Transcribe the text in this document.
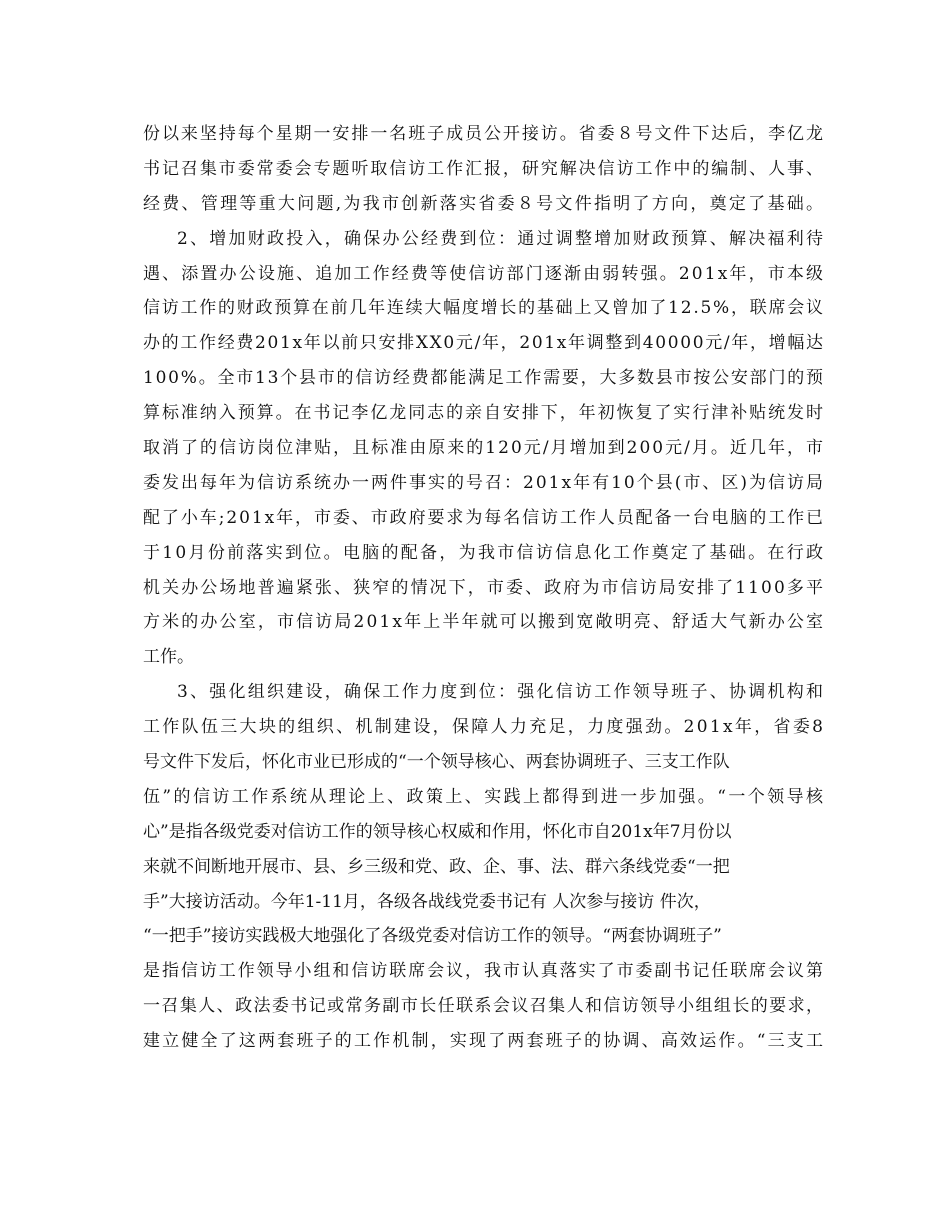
份以来坚持每个星期一安排一名班子成员公开接访。省委８号文件下达后，李亿龙
书记召集市委常委会专题听取信访工作汇报，研究解决信访工作中的编制、人事、
经费、管理等重大问题,为我市创新落实省委８号文件指明了方向，奠定了基础。
2、增加财政投入，确保办公经费到位：通过调整增加财政预算、解决福利待
遇、添置办公设施、追加工作经费等使信访部门逐渐由弱转强。201x年，市本级
信访工作的财政预算在前几年连续大幅度增长的基础上又曾加了12.5%，联席会议
办的工作经费201x年以前只安排XX0元/年，201x年调整到40000元/年，增幅达
100%。全市13个县市的信访经费都能满足工作需要，大多数县市按公安部门的预
算标准纳入预算。在书记李亿龙同志的亲自安排下，年初恢复了实行津补贴统发时
取消了的信访岗位津贴，且标准由原来的120元/月增加到200元/月。近几年，市
委发出每年为信访系统办一两件事实的号召：201x年有10个县(市、区)为信访局
配了小车;201x年，市委、市政府要求为每名信访工作人员配备一台电脑的工作已
于10月份前落实到位。电脑的配备，为我市信访信息化工作奠定了基础。在行政
机关办公场地普遍紧张、狭窄的情况下，市委、政府为市信访局安排了1100多平
方米的办公室，市信访局201x年上半年就可以搬到宽敞明亮、舒适大气新办公室
工作。
3、强化组织建设，确保工作力度到位：强化信访工作领导班子、协调机构和
工作队伍三大块的组织、机制建设，保障人力充足，力度强劲。201x年，省委8
号文件下发后，怀化市业已形成的“一个领导核心、两套协调班子、三支工作队
伍”的信访工作系统从理论上、政策上、实践上都得到进一步加强。“一个领导核
心”是指各级党委对信访工作的领导核心权威和作用，怀化市自201x年7月份以
来就不间断地开展市、县、乡三级和党、政、企、事、法、群六条线党委“一把
手”大接访活动。今年1-11月，各级各战线党委书记有 人次参与接访 件次，
“一把手”接访实践极大地强化了各级党委对信访工作的领导。“两套协调班子”
是指信访工作领导小组和信访联席会议，我市认真落实了市委副书记任联席会议第
一召集人、政法委书记或常务副市长任联系会议召集人和信访领导小组组长的要求，
建立健全了这两套班子的工作机制，实现了两套班子的协调、高效运作。“三支工
